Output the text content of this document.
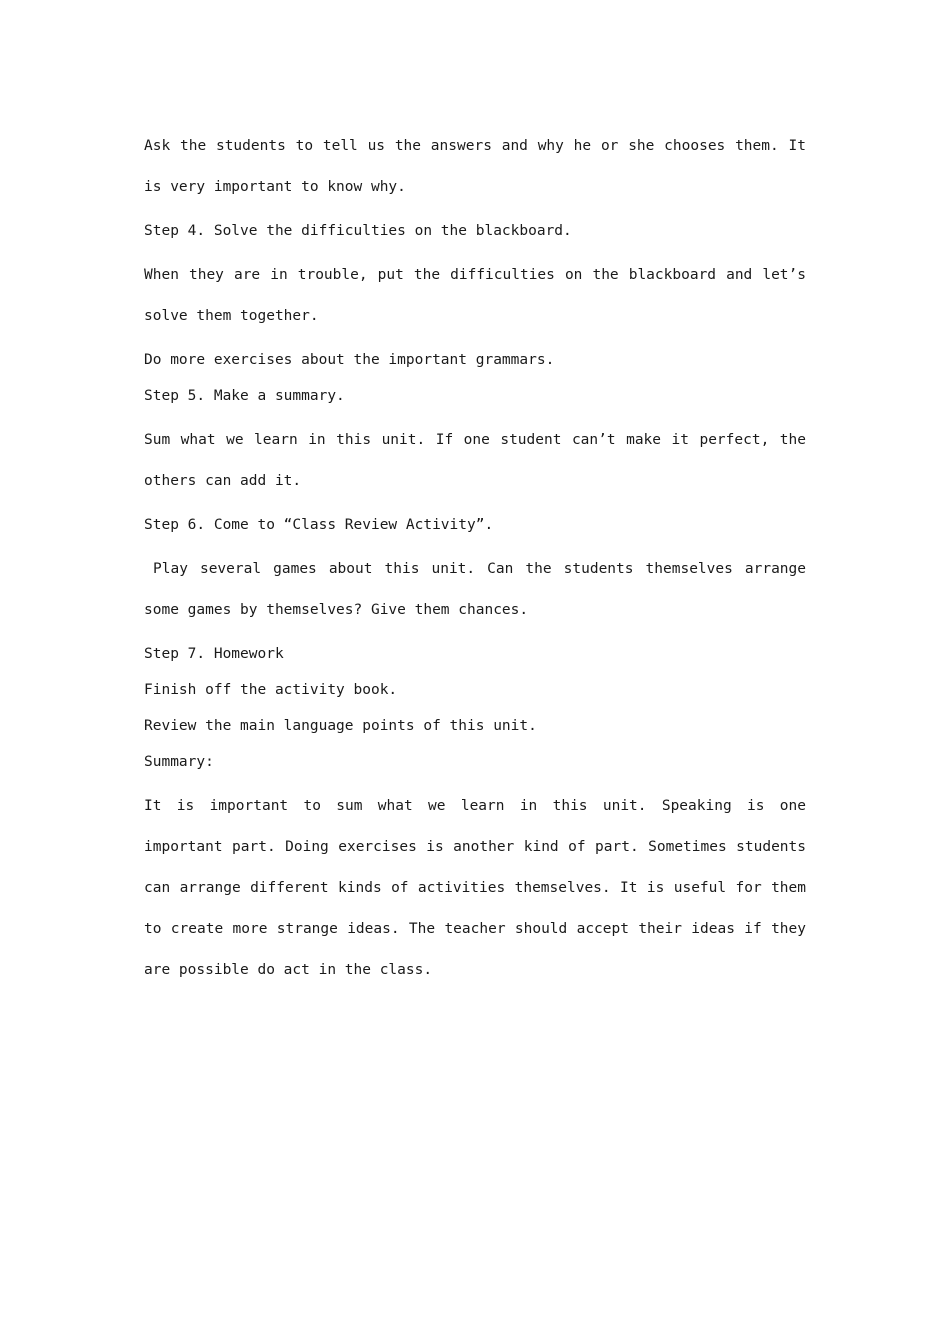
Ask the students to tell us the answers and why he or she chooses them. It is very important to know why.

Step 4. Solve the difficulties on the blackboard.

When they are in trouble, put the difficulties on the blackboard and let’s solve them together.

Do more exercises about the important grammars.

Step 5. Make a summary.

Sum what we learn in this unit. If one student can’t make it perfect, the others can add it.

Step 6. Come to “Class Review Activity”.

Play several games about this unit. Can the students themselves arrange some games by themselves? Give them chances.

Step 7. Homework

Finish off the activity book.

Review the main language points of this unit.

Summary:

It is important to sum what we learn in this unit. Speaking is one important part. Doing exercises is another kind of part. Sometimes students can arrange different kinds of activities themselves. It is useful for them to create more strange ideas. The teacher should accept their ideas if they are possible do act in the class.
